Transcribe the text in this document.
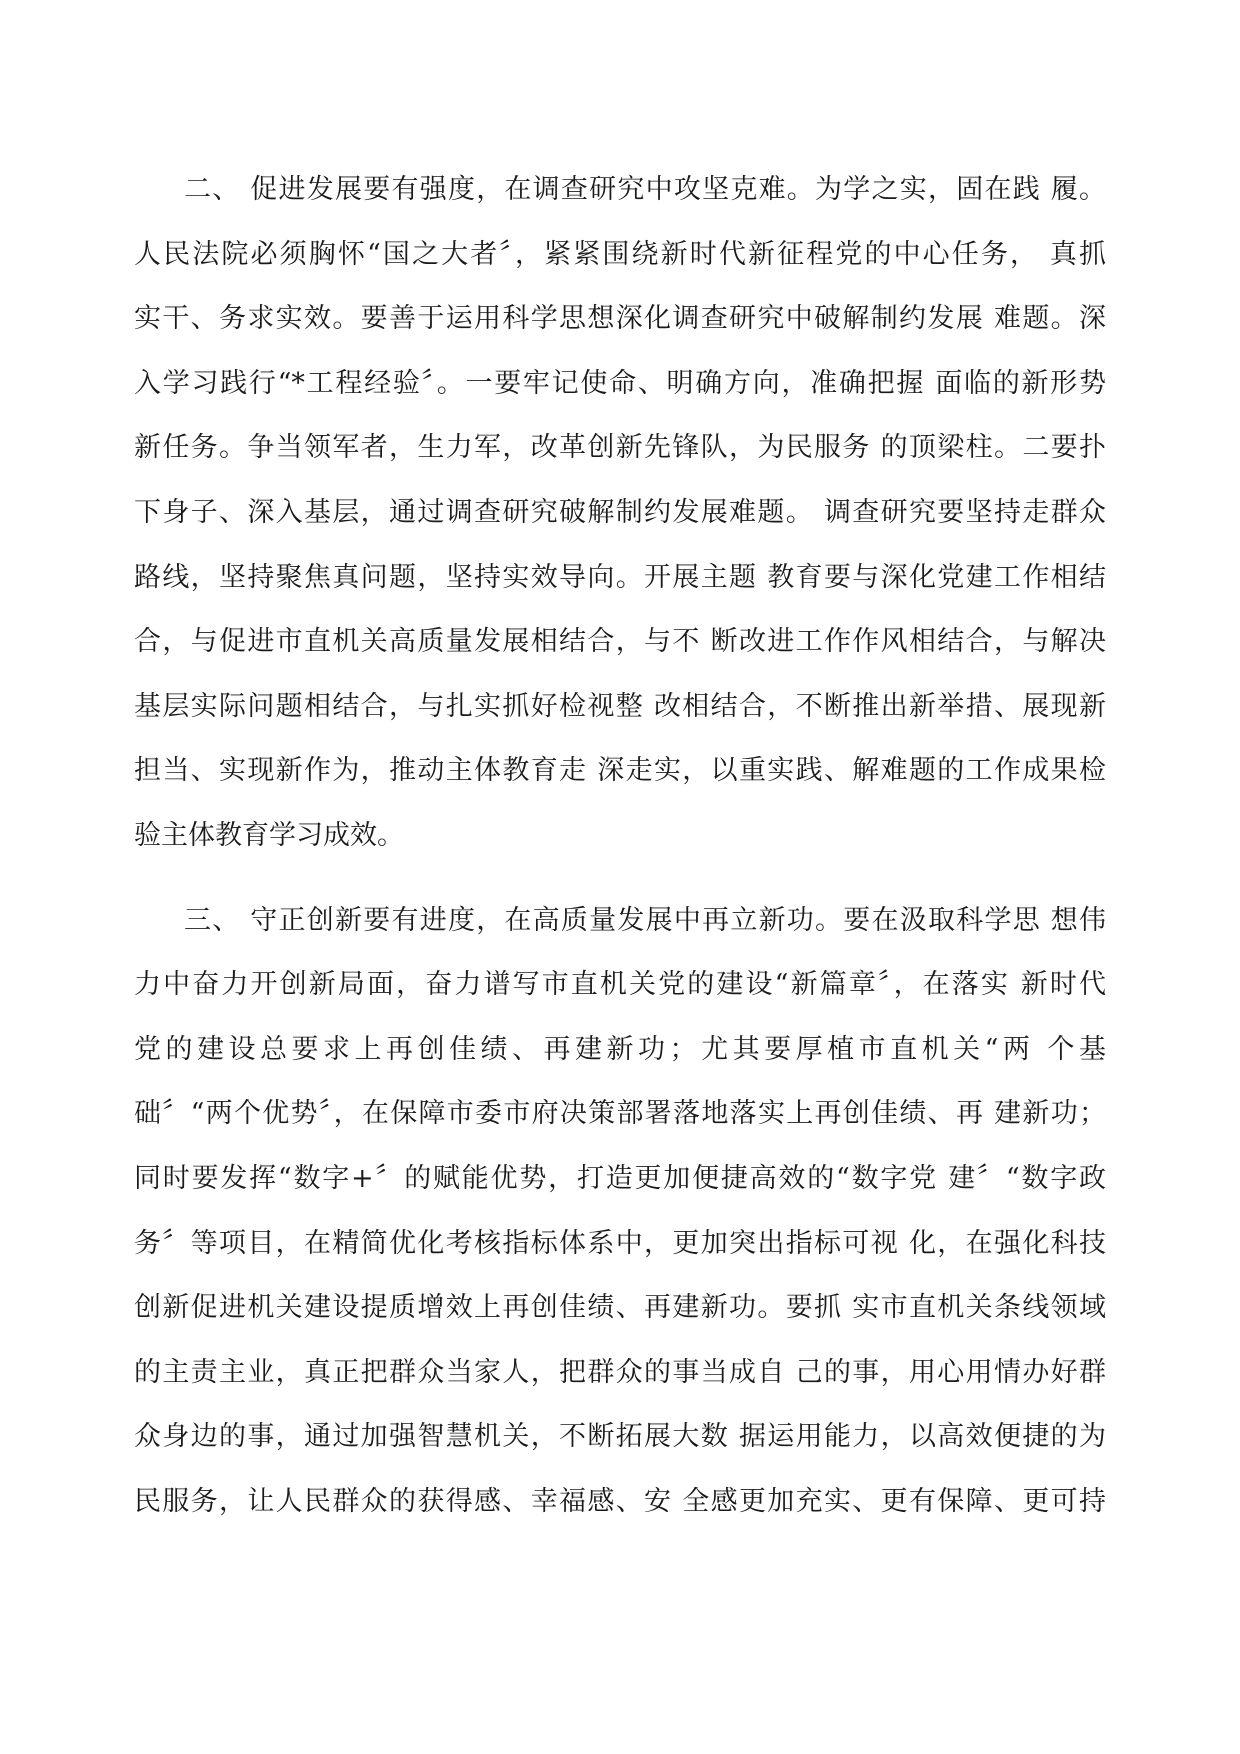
二、 促进发展要有强度，在调查研究中攻坚克难。为学之实，固在践 履。
人民法院必须胸怀“国之大者〞，紧紧围绕新时代新征程党的中心任务， 真抓
实干、务求实效。要善于运用科学思想深化调查研究中破解制约发展 难题。深
入学习践行“*工程经验〞。一要牢记使命、明确方向，准确把握 面临的新形势
新任务。争当领军者，生力军，改革创新先锋队，为民服务 的顶梁柱。二要扑
下身子、深入基层，通过调查研究破解制约发展难题。 调查研究要坚持走群众
路线，坚持聚焦真问题，坚持实效导向。开展主题 教育要与深化党建工作相结
合，与促进市直机关高质量发展相结合，与不 断改进工作作风相结合，与解决
基层实际问题相结合，与扎实抓好检视整 改相结合，不断推出新举措、展现新
担当、实现新作为，推动主体教育走 深走实，以重实践、解难题的工作成果检
验主体教育学习成效。
三、 守正创新要有进度，在高质量发展中再立新功。要在汲取科学思 想伟
力中奋力开创新局面，奋力谱写市直机关党的建设“新篇章〞，在落实 新时代
党的建设总要求上再创佳绩、再建新功；尤其要厚植市直机关“两 个基
础〞“两个优势〞，在保障市委市府决策部署落地落实上再创佳绩、再 建新功；
同时要发挥“数字+〞的赋能优势，打造更加便捷高效的“数字党 建〞“数字政
务〞等项目，在精简优化考核指标体系中，更加突出指标可视 化，在强化科技
创新促进机关建设提质增效上再创佳绩、再建新功。要抓 实市直机关条线领域
的主责主业，真正把群众当家人，把群众的事当成自 己的事，用心用情办好群
众身边的事，通过加强智慧机关，不断拓展大数 据运用能力，以高效便捷的为
民服务，让人民群众的获得感、幸福感、安 全感更加充实、更有保障、更可持
